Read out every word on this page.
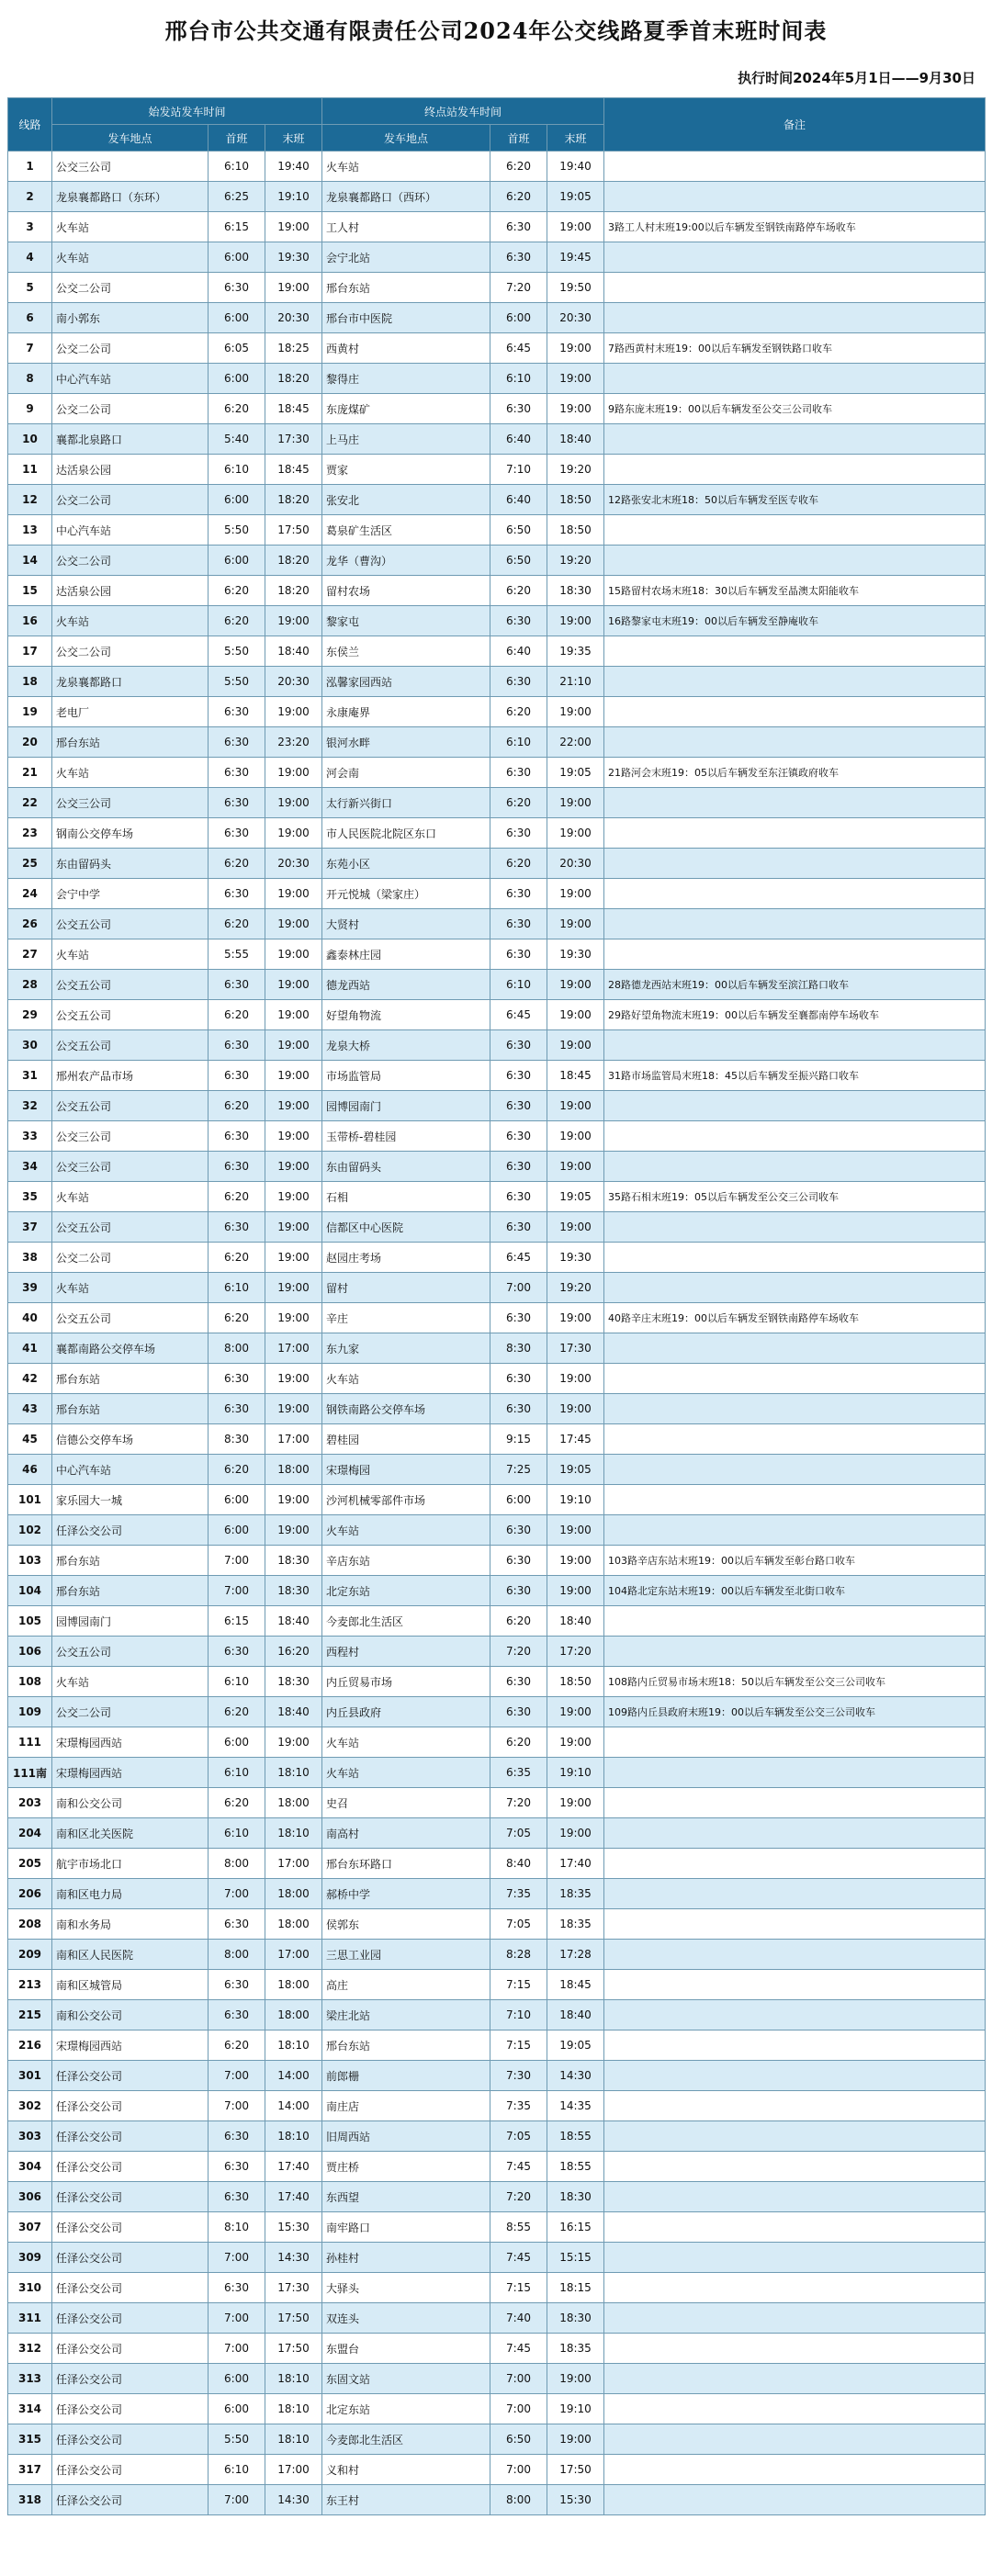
邢台市公共交通有限责任公司2024年公交线路夏季首末班时间表
执行时间2024年5月1日——9月30日
线路	始发站发车时间			终点站发车时间			备注
	发车地点	首班	末班	发车地点	首班	末班	
1	公交三公司	6:10	19:40	火车站	6:20	19:40	
2	龙泉襄都路口（东环）	6:25	19:10	龙泉襄都路口（西环）	6:20	19:05	
3	火车站	6:15	19:00	工人村	6:30	19:00	3路工人村末班19:00以后车辆发至钢铁南路停车场收车
4	火车站	6:00	19:30	会宁北站	6:30	19:45	
5	公交二公司	6:30	19:00	邢台东站	7:20	19:50	
6	南小郭东	6:00	20:30	邢台市中医院	6:00	20:30	
7	公交二公司	6:05	18:25	西黄村	6:45	19:00	7路西黄村末班19：00以后车辆发至钢铁路口收车
8	中心汽车站	6:00	18:20	黎得庄	6:10	19:00	
9	公交二公司	6:20	18:45	东庞煤矿	6:30	19:00	9路东庞末班19：00以后车辆发至公交三公司收车
10	襄都北泉路口	5:40	17:30	上马庄	6:40	18:40	
11	达活泉公园	6:10	18:45	贾家	7:10	19:20	
12	公交二公司	6:00	18:20	张安北	6:40	18:50	12路张安北末班18：50以后车辆发至医专收车
13	中心汽车站	5:50	17:50	葛泉矿生活区	6:50	18:50	
14	公交二公司	6:00	18:20	龙华（曹沟）	6:50	19:20	
15	达活泉公园	6:20	18:20	留村农场	6:20	18:30	15路留村农场末班18：30以后车辆发至晶澳太阳能收车
16	火车站	6:20	19:00	黎家屯	6:30	19:00	16路黎家屯末班19：00以后车辆发至静庵收车
17	公交二公司	5:50	18:40	东侯兰	6:40	19:35	
18	龙泉襄都路口	5:50	20:30	泓馨家园西站	6:30	21:10	
19	老电厂	6:30	19:00	永康庵界	6:20	19:00	
20	邢台东站	6:30	23:20	银河水畔	6:10	22:00	
21	火车站	6:30	19:00	河会南	6:30	19:05	21路河会末班19：05以后车辆发至东汪镇政府收车
22	公交三公司	6:30	19:00	太行新兴街口	6:20	19:00	
23	钢南公交停车场	6:30	19:00	市人民医院北院区东口	6:30	19:00	
25	东由留码头	6:20	20:30	东苑小区	6:20	20:30	
24	会宁中学	6:30	19:00	开元悦城（梁家庄）	6:30	19:00	
26	公交五公司	6:20	19:00	大贤村	6:30	19:00	
27	火车站	5:55	19:00	鑫泰林庄园	6:30	19:30	
28	公交五公司	6:30	19:00	德龙西站	6:10	19:00	28路德龙西站末班19：00以后车辆发至滨江路口收车
29	公交五公司	6:20	19:00	好望角物流	6:45	19:00	29路好望角物流末班19：00以后车辆发至襄都南停车场收车
30	公交五公司	6:30	19:00	龙泉大桥	6:30	19:00	
31	邢州农产品市场	6:30	19:00	市场监管局	6:30	18:45	31路市场监管局末班18：45以后车辆发至振兴路口收车
32	公交五公司	6:20	19:00	园博园南门	6:30	19:00	
33	公交三公司	6:30	19:00	玉带桥-碧桂园	6:30	19:00	
34	公交三公司	6:30	19:00	东由留码头	6:30	19:00	
35	火车站	6:20	19:00	石相	6:30	19:05	35路石相末班19：05以后车辆发至公交三公司收车
37	公交五公司	6:30	19:00	信都区中心医院	6:30	19:00	
38	公交二公司	6:20	19:00	赵园庄考场	6:45	19:30	
39	火车站	6:10	19:00	留村	7:00	19:20	
40	公交五公司	6:20	19:00	辛庄	6:30	19:00	40路辛庄末班19：00以后车辆发至钢铁南路停车场收车
41	襄都南路公交停车场	8:00	17:00	东九家	8:30	17:30	
42	邢台东站	6:30	19:00	火车站	6:30	19:00	
43	邢台东站	6:30	19:00	钢铁南路公交停车场	6:30	19:00	
45	信德公交停车场	8:30	17:00	碧桂园	9:15	17:45	
46	中心汽车站	6:20	18:00	宋璟梅园	7:25	19:05	
101	家乐园大一城	6:00	19:00	沙河机械零部件市场	6:00	19:10	
102	任泽公交公司	6:00	19:00	火车站	6:30	19:00	
103	邢台东站	7:00	18:30	辛店东站	6:30	19:00	103路辛店东站末班19：00以后车辆发至彰台路口收车
104	邢台东站	7:00	18:30	北定东站	6:30	19:00	104路北定东站末班19：00以后车辆发至北街口收车
105	园博园南门	6:15	18:40	今麦郎北生活区	6:20	18:40	
106	公交五公司	6:30	16:20	西程村	7:20	17:20	
108	火车站	6:10	18:30	内丘贸易市场	6:30	18:50	108路内丘贸易市场末班18：50以后车辆发至公交三公司收车
109	公交二公司	6:20	18:40	内丘县政府	6:30	19:00	109路内丘县政府末班19：00以后车辆发至公交三公司收车
111	宋璟梅园西站	6:00	19:00	火车站	6:20	19:00	
111南	宋璟梅园西站	6:10	18:10	火车站	6:35	19:10	
203	南和公交公司	6:20	18:00	史召	7:20	19:00	
204	南和区北关医院	6:10	18:10	南高村	7:05	19:00	
205	航宇市场北口	8:00	17:00	邢台东环路口	8:40	17:40	
206	南和区电力局	7:00	18:00	郝桥中学	7:35	18:35	
208	南和水务局	6:30	18:00	侯郭东	7:05	18:35	
209	南和区人民医院	8:00	17:00	三思工业园	8:28	17:28	
213	南和区城管局	6:30	18:00	高庄	7:15	18:45	
215	南和公交公司	6:30	18:00	梁庄北站	7:10	18:40	
216	宋璟梅园西站	6:20	18:10	邢台东站	7:15	19:05	
301	任泽公交公司	7:00	14:00	前郎栅	7:30	14:30	
302	任泽公交公司	7:00	14:00	南庄店	7:35	14:35	
303	任泽公交公司	6:30	18:10	旧周西站	7:05	18:55	
304	任泽公交公司	6:30	17:40	贾庄桥	7:45	18:55	
306	任泽公交公司	6:30	17:40	东西望	7:20	18:30	
307	任泽公交公司	8:10	15:30	南牢路口	8:55	16:15	
309	任泽公交公司	7:00	14:30	孙桂村	7:45	15:15	
310	任泽公交公司	6:30	17:30	大驿头	7:15	18:15	
311	任泽公交公司	7:00	17:50	双连头	7:40	18:30	
312	任泽公交公司	7:00	17:50	东盟台	7:45	18:35	
313	任泽公交公司	6:00	18:10	东固文站	7:00	19:00	
314	任泽公交公司	6:00	18:10	北定东站	7:00	19:10	
315	任泽公交公司	5:50	18:10	今麦郎北生活区	6:50	19:00	
317	任泽公交公司	6:10	17:00	义和村	7:00	17:50	
318	任泽公交公司	7:00	14:30	东王村	8:00	15:30	
